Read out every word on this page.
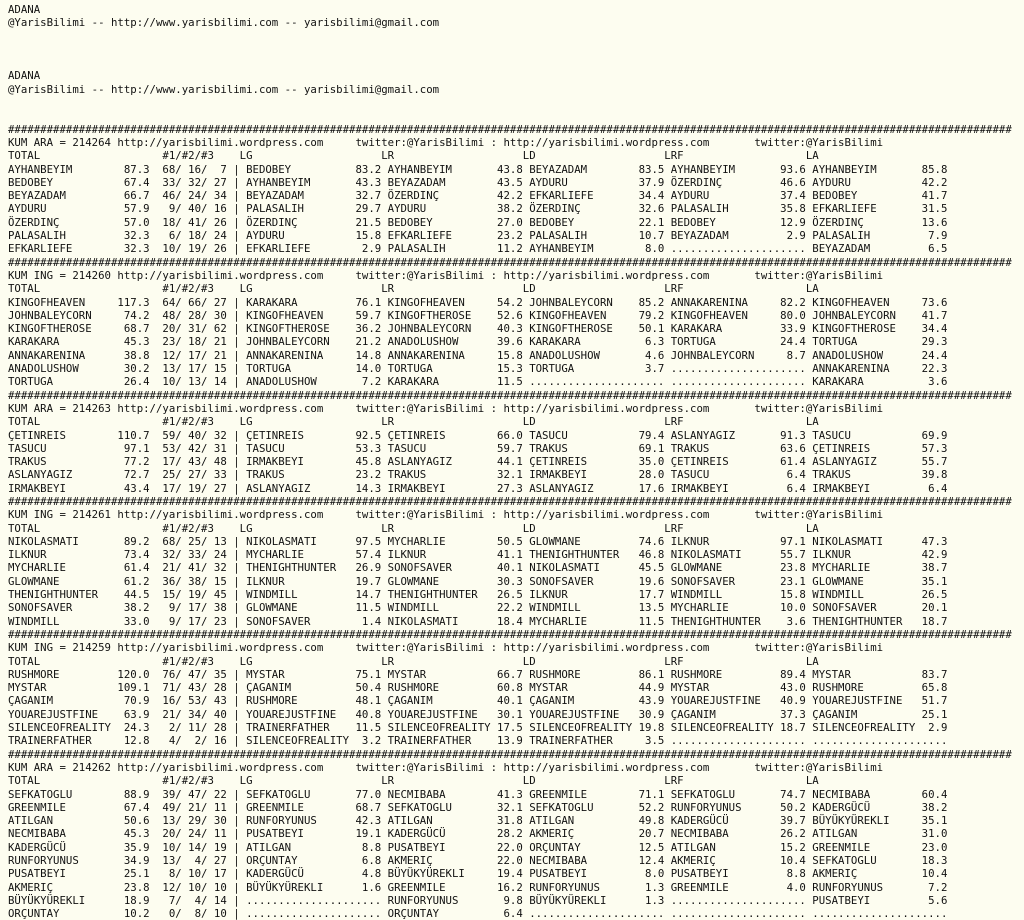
ADANA
@YarisBilimi -- http://www.yarisbilimi.com -- yarisbilimi@gmail.com
ADANA
@YarisBilimi -- http://www.yarisbilimi.com -- yarisbilimi@gmail.com
############################################################################################################################################################
KUM ARA = 214264 http://yarisbilimi.wordpress.com     twitter:@YarisBilimi : http://yarisbilimi.wordpress.com       twitter:@YarisBilimi
TOTAL                   #1/#2/#3    LG                    LR                    LD                    LRF                   LA
AYHANBEYIM        87.3  68/ 16/  7 | BEDOBEY          83.2 AYHANBEYIM       43.8 BEYAZADAM        83.5 AYHANBEYIM       93.6 AYHANBEYIM       85.8
BEDOBEY           67.4  33/ 32/ 27 | AYHANBEYIM       43.3 BEYAZADAM        43.5 AYDURU           37.9 ÖZERDINÇ         46.6 AYDURU           42.2
BEYAZADAM         66.7  46/ 24/ 34 | BEYAZADAM        32.7 ÖZERDINÇ         42.2 EFKARLIEFE       34.4 AYDURU           37.4 BEDOBEY          41.7
AYDURU            57.9   9/ 40/ 16 | PALASALIH        29.7 AYDURU           38.2 ÖZERDINÇ         32.6 PALASALIH        35.8 EFKARLIEFE       31.5
ÖZERDINÇ          57.0  18/ 41/ 26 | ÖZERDINÇ         21.5 BEDOBEY          27.0 BEDOBEY          22.1 BEDOBEY          12.9 ÖZERDINÇ         13.6
PALASALIH         32.3   6/ 18/ 24 | AYDURU           15.8 EFKARLIEFE       23.2 PALASALIH        10.7 BEYAZADAM         2.9 PALASALIH         7.9
EFKARLIEFE        32.3  10/ 19/ 26 | EFKARLIEFE        2.9 PALASALIH        11.2 AYHANBEYIM        8.0 ..................... BEYAZADAM         6.5
############################################################################################################################################################
KUM ING = 214260 http://yarisbilimi.wordpress.com     twitter:@YarisBilimi : http://yarisbilimi.wordpress.com       twitter:@YarisBilimi
TOTAL                   #1/#2/#3    LG                    LR                    LD                    LRF                   LA
KINGOFHEAVEN     117.3  64/ 66/ 27 | KARAKARA         76.1 KINGOFHEAVEN     54.2 JOHNBALEYCORN    85.2 ANNAKARENINA     82.2 KINGOFHEAVEN     73.6
JOHNBALEYCORN     74.2  48/ 28/ 30 | KINGOFHEAVEN     59.7 KINGOFTHEROSE    52.6 KINGOFHEAVEN     79.2 KINGOFHEAVEN     80.0 JOHNBALEYCORN    41.7
KINGOFTHEROSE     68.7  20/ 31/ 62 | KINGOFTHEROSE    36.2 JOHNBALEYCORN    40.3 KINGOFTHEROSE    50.1 KARAKARA         33.9 KINGOFTHEROSE    34.4
KARAKARA          45.3  23/ 18/ 21 | JOHNBALEYCORN    21.2 ANADOLUSHOW      39.6 KARAKARA          6.3 TORTUGA          24.4 TORTUGA          29.3
ANNAKARENINA      38.8  12/ 17/ 21 | ANNAKARENINA     14.8 ANNAKARENINA     15.8 ANADOLUSHOW       4.6 JOHNBALEYCORN     8.7 ANADOLUSHOW      24.4
ANADOLUSHOW       30.2  13/ 17/ 15 | TORTUGA          14.0 TORTUGA          15.3 TORTUGA           3.7 ..................... ANNAKARENINA     22.3
TORTUGA           26.4  10/ 13/ 14 | ANADOLUSHOW       7.2 KARAKARA         11.5 ..................... ..................... KARAKARA          3.6
############################################################################################################################################################
KUM ARA = 214263 http://yarisbilimi.wordpress.com     twitter:@YarisBilimi : http://yarisbilimi.wordpress.com       twitter:@YarisBilimi
TOTAL                   #1/#2/#3    LG                    LR                    LD                    LRF                   LA
ÇETINREIS        110.7  59/ 40/ 32 | ÇETINREIS        92.5 ÇETINREIS        66.0 TASUCU           79.4 ASLANYAGIZ       91.3 TASUCU           69.9
TASUCU            97.1  53/ 42/ 31 | TASUCU           53.3 TASUCU           59.7 TRAKUS           69.1 TRAKUS           63.6 ÇETINREIS        57.3
TRAKUS            77.2  17/ 43/ 48 | IRMAKBEYI        45.8 ASLANYAGIZ       44.1 ÇETINREIS        35.0 ÇETINREIS        61.4 ASLANYAGIZ       55.7
ASLANYAGIZ        72.7  25/ 27/ 33 | TRAKUS           23.2 TRAKUS           32.1 IRMAKBEYI        28.0 TASUCU            6.4 TRAKUS           39.8
IRMAKBEYI         43.4  17/ 19/ 27 | ASLANYAGIZ       14.3 IRMAKBEYI        27.3 ASLANYAGIZ       17.6 IRMAKBEYI         6.4 IRMAKBEYI         6.4
############################################################################################################################################################
KUM ING = 214261 http://yarisbilimi.wordpress.com     twitter:@YarisBilimi : http://yarisbilimi.wordpress.com       twitter:@YarisBilimi
TOTAL                   #1/#2/#3    LG                    LR                    LD                    LRF                   LA
NIKOLASMATI       89.2  68/ 25/ 13 | NIKOLASMATI      97.5 MYCHARLIE        50.5 GLOWMANE         74.6 ILKNUR           97.1 NIKOLASMATI      47.3
ILKNUR            73.4  32/ 33/ 24 | MYCHARLIE        57.4 ILKNUR           41.1 THENIGHTHUNTER   46.8 NIKOLASMATI      55.7 ILKNUR           42.9
MYCHARLIE         61.4  21/ 41/ 32 | THENIGHTHUNTER   26.9 SONOFSAVER       40.1 NIKOLASMATI      45.5 GLOWMANE         23.8 MYCHARLIE        38.7
GLOWMANE          61.2  36/ 38/ 15 | ILKNUR           19.7 GLOWMANE         30.3 SONOFSAVER       19.6 SONOFSAVER       23.1 GLOWMANE         35.1
THENIGHTHUNTER    44.5  15/ 19/ 45 | WINDMILL         14.7 THENIGHTHUNTER   26.5 ILKNUR           17.7 WINDMILL         15.8 WINDMILL         26.5
SONOFSAVER        38.2   9/ 17/ 38 | GLOWMANE         11.5 WINDMILL         22.2 WINDMILL         13.5 MYCHARLIE        10.0 SONOFSAVER       20.1
WINDMILL          33.0   9/ 17/ 23 | SONOFSAVER        1.4 NIKOLASMATI      18.4 MYCHARLIE        11.5 THENIGHTHUNTER    3.6 THENIGHTHUNTER   18.7
############################################################################################################################################################
KUM ING = 214259 http://yarisbilimi.wordpress.com     twitter:@YarisBilimi : http://yarisbilimi.wordpress.com       twitter:@YarisBilimi
TOTAL                   #1/#2/#3    LG                    LR                    LD                    LRF                   LA
RUSHMORE         120.0  76/ 47/ 35 | MYSTAR           75.1 MYSTAR           66.7 RUSHMORE         86.1 RUSHMORE         89.4 MYSTAR           83.7
MYSTAR           109.1  71/ 43/ 28 | ÇAGANIM          50.4 RUSHMORE         60.8 MYSTAR           44.9 MYSTAR           43.0 RUSHMORE         65.8
ÇAGANIM           70.9  16/ 53/ 43 | RUSHMORE         48.1 ÇAGANIM          40.1 ÇAGANIM          43.9 YOUAREJUSTFINE   40.9 YOUAREJUSTFINE   51.7
YOUAREJUSTFINE    63.9  21/ 34/ 40 | YOUAREJUSTFINE   40.8 YOUAREJUSTFINE   30.1 YOUAREJUSTFINE   30.9 ÇAGANIM          37.3 ÇAGANIM          25.1
SILENCEOFREALITY  24.3   2/ 11/ 28 | TRAINERFATHER    11.5 SILENCEOFREALITY 17.5 SILENCEOFREALITY 19.8 SILENCEOFREALITY 18.7 SILENCEOFREALITY  2.9
TRAINERFATHER     12.8   4/  2/ 16 | SILENCEOFREALITY  3.2 TRAINERFATHER    13.9 TRAINERFATHER     3.5 ..................... .....................
############################################################################################################################################################
KUM ARA = 214262 http://yarisbilimi.wordpress.com     twitter:@YarisBilimi : http://yarisbilimi.wordpress.com       twitter:@YarisBilimi
TOTAL                   #1/#2/#3    LG                    LR                    LD                    LRF                   LA
SEFKATOGLU        88.9  39/ 47/ 22 | SEFKATOGLU       77.0 NECMIBABA        41.3 GREENMILE        71.1 SEFKATOGLU       74.7 NECMIBABA        60.4
GREENMILE         67.4  49/ 21/ 11 | GREENMILE        68.7 SEFKATOGLU       32.1 SEFKATOGLU       52.2 RUNFORYUNUS      50.2 KADERGÜCÜ        38.2
ATILGAN           50.6  13/ 29/ 30 | RUNFORYUNUS      42.3 ATILGAN          31.8 ATILGAN          49.8 KADERGÜCÜ        39.7 BÜYÜKYÜREKLI     35.1
NECMIBABA         45.3  20/ 24/ 11 | PUSATBEYI        19.1 KADERGÜCÜ        28.2 AKMERIÇ          20.7 NECMIBABA        26.2 ATILGAN          31.0
KADERGÜCÜ         35.9  10/ 14/ 19 | ATILGAN           8.8 PUSATBEYI        22.0 ORÇUNTAY         12.5 ATILGAN          15.2 GREENMILE        23.0
RUNFORYUNUS       34.9  13/  4/ 27 | ORÇUNTAY          6.8 AKMERIÇ          22.0 NECMIBABA        12.4 AKMERIÇ          10.4 SEFKATOGLU       18.3
PUSATBEYI         25.1   8/ 10/ 17 | KADERGÜCÜ         4.8 BÜYÜKYÜREKLI     19.4 PUSATBEYI         8.0 PUSATBEYI         8.8 AKMERIÇ          10.4
AKMERIÇ           23.8  12/ 10/ 10 | BÜYÜKYÜREKLI      1.6 GREENMILE        16.2 RUNFORYUNUS       1.3 GREENMILE         4.0 RUNFORYUNUS       7.2
BÜYÜKYÜREKLI      18.9   7/  4/ 14 | ..................... RUNFORYUNUS       9.8 BÜYÜKYÜREKLI      1.3 ..................... PUSATBEYI         5.6
ORÇUNTAY          10.2   0/  8/ 10 | ..................... ORÇUNTAY          6.4 ..................... ..................... .....................
